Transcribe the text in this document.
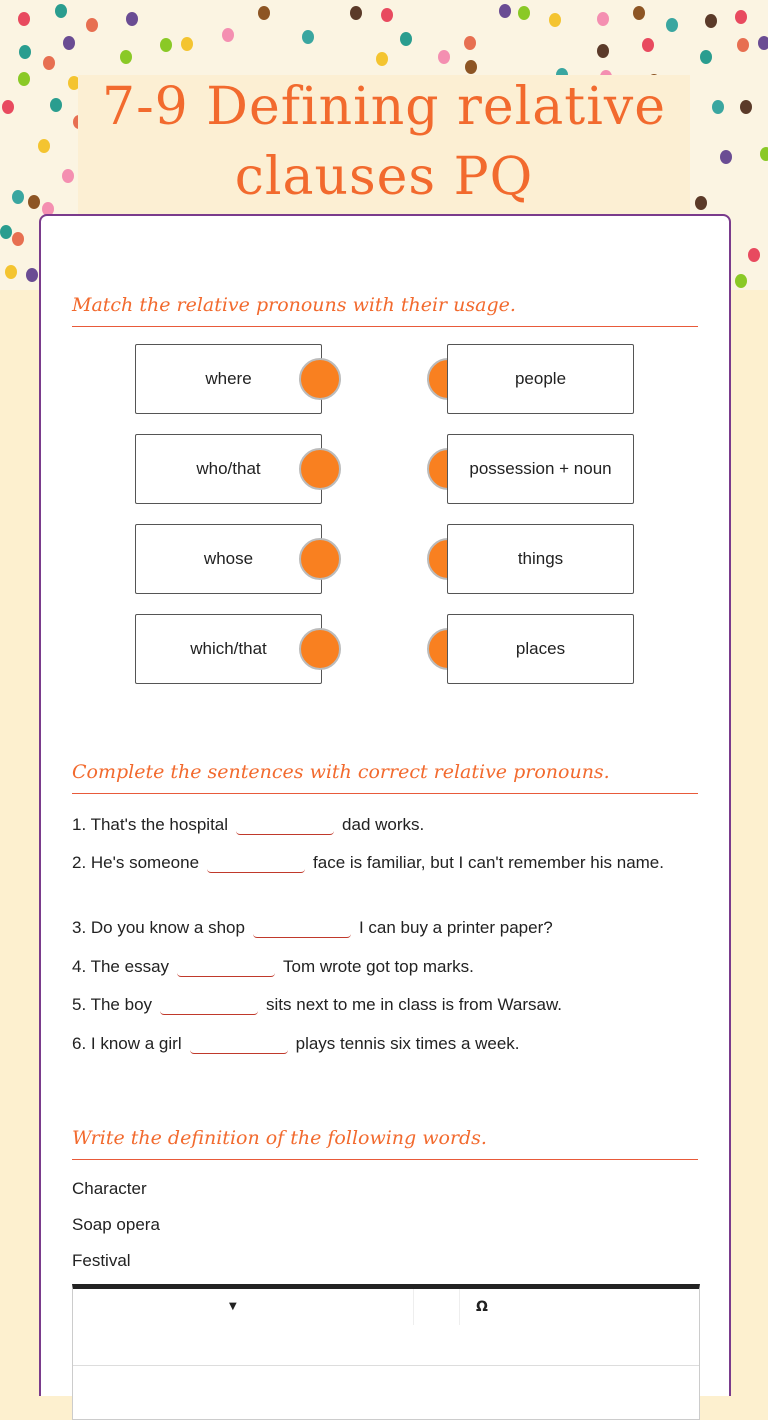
7-9 Defining relative
clauses PQ
Match the relative pronouns with their usage.
where	people
who/that	possession + noun
whose	things
which/that	places
Complete the sentences with correct relative pronouns.
1. That's the hospital	dad works.
2. He's someone	face is familiar, but I can't remember his name.
3. Do you know a shop	I can buy a printer paper?
4. The essay	Tom wrote got top marks.
5. The boy	sits next to me in class is from Warsaw.
6. I know a girl	plays tennis six times a week.
Write the definition of the following words.
Character
Soap opera
Festival
▼	Ω
